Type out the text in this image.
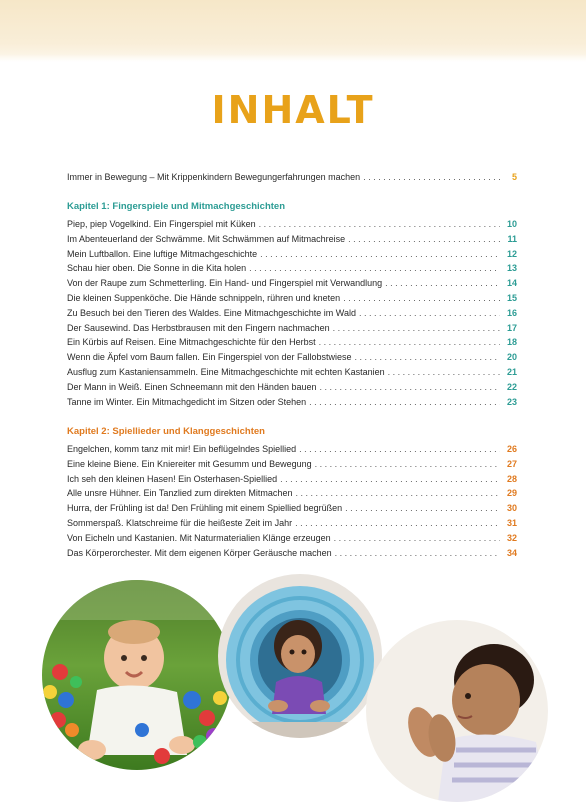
INHALT
Immer in Bewegung – Mit Krippenkindern Bewegungerfahrungen machen . . .	5
Kapitel 1: Fingerspiele und Mitmachgeschichten
Piep, piep Vogelkind. Ein Fingerspiel mit Küken . . .	10
Im Abenteuerland der Schwämme. Mit Schwämmen auf Mitmachreise . . .	11
Mein Luftballon. Eine luftige Mitmachgeschichte . . .	12
Schau hier oben. Die Sonne in die Kita holen . . .	13
Von der Raupe zum Schmetterling. Ein Hand- und Fingerspiel mit Verwandlung . . .	14
Die kleinen Suppenköche. Die Hände schnippeln, rühren und kneten . . .	15
Zu Besuch bei den Tieren des Waldes. Eine Mitmachgeschichte im Wald . . .	16
Der Sausewind. Das Herbstbrausen mit den Fingern nachmachen . . .	17
Ein Kürbis auf Reisen. Eine Mitmachgeschichte für den Herbst . . .	18
Wenn die Äpfel vom Baum fallen. Ein Fingerspiel von der Fallobstwiese . . .	20
Ausflug zum Kastaniensammeln. Eine Mitmachgeschichte mit echten Kastanien . . .	21
Der Mann in Weiß. Einen Schneemann mit den Händen bauen . . .	22
Tanne im Winter. Ein Mitmachgedicht im Sitzen oder Stehen . . .	23
Kapitel 2: Spiellieder und Klanggeschichten
Engelchen, komm tanz mit mir! Ein beflügelndes Spiellied . . .	26
Eine kleine Biene. Ein Kniereiter mit Gesumm und Bewegung . . .	27
Ich seh den kleinen Hasen! Ein Osterhasen-Spiellied . . .	28
Alle unsre Hühner. Ein Tanzlied zum direkten Mitmachen . . .	29
Hurra, der Frühling ist da! Den Frühling mit einem Spiellied begrüßen . . .	30
Sommerspaß. Klatschreime für die heißeste Zeit im Jahr . . .	31
Von Eicheln und Kastanien. Mit Naturmaterialien Klänge erzeugen . . .	32
Das Körperorchester. Mit dem eigenen Körper Geräusche machen . . .	34
